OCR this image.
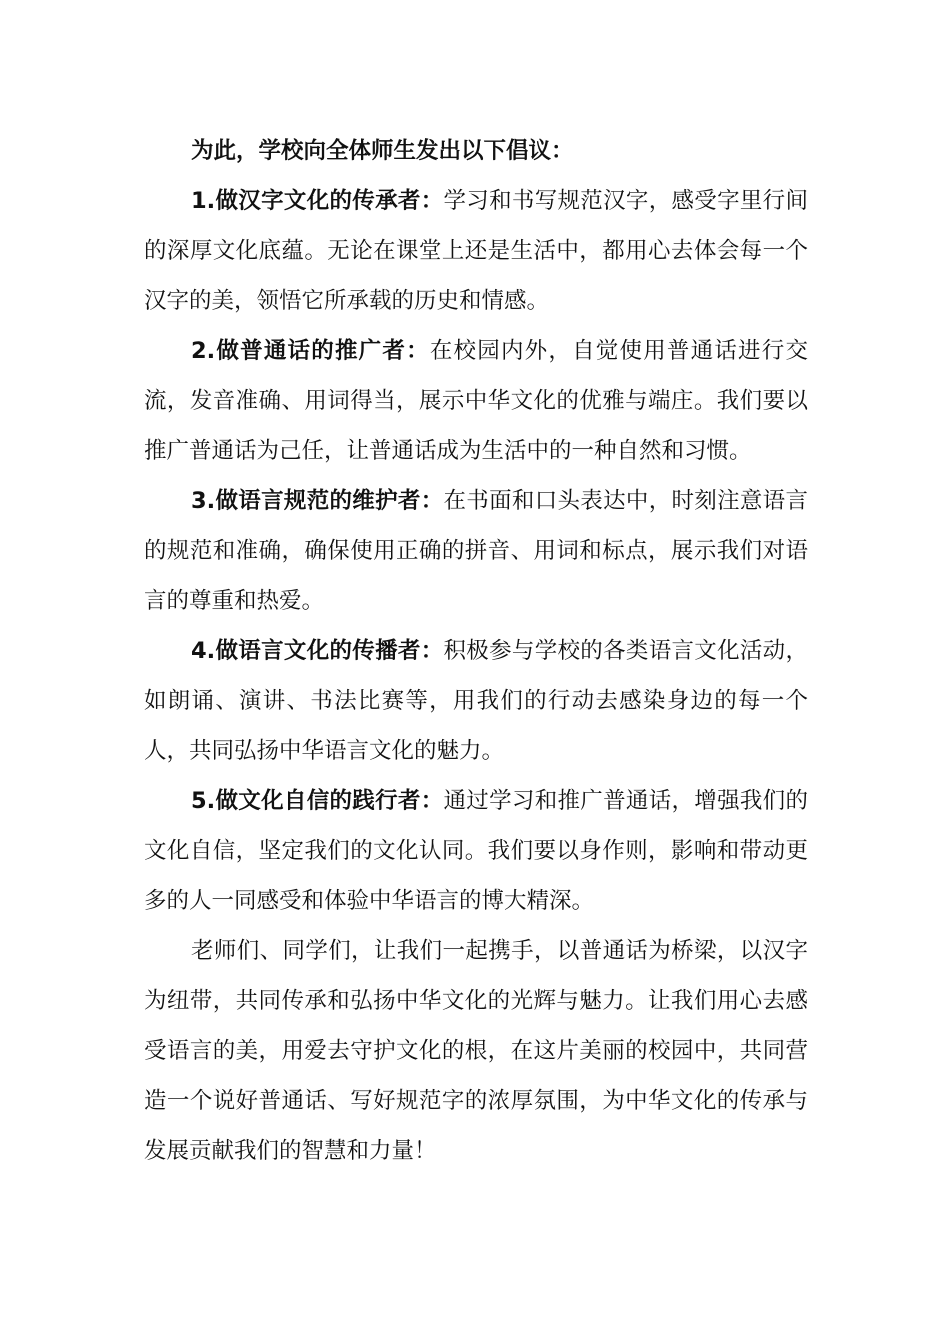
为此，学校向全体师生发出以下倡议：

1.做汉字文化的传承者：学习和书写规范汉字，感受字里行间的深厚文化底蕴。无论在课堂上还是生活中，都用心去体会每一个汉字的美，领悟它所承载的历史和情感。

2.做普通话的推广者：在校园内外，自觉使用普通话进行交流，发音准确、用词得当，展示中华文化的优雅与端庄。我们要以推广普通话为己任，让普通话成为生活中的一种自然和习惯。

3.做语言规范的维护者：在书面和口头表达中，时刻注意语言的规范和准确，确保使用正确的拼音、用词和标点，展示我们对语言的尊重和热爱。

4.做语言文化的传播者：积极参与学校的各类语言文化活动，如朗诵、演讲、书法比赛等，用我们的行动去感染身边的每一个人，共同弘扬中华语言文化的魅力。

5.做文化自信的践行者：通过学习和推广普通话，增强我们的文化自信，坚定我们的文化认同。我们要以身作则，影响和带动更多的人一同感受和体验中华语言的博大精深。

老师们、同学们，让我们一起携手，以普通话为桥梁，以汉字为纽带，共同传承和弘扬中华文化的光辉与魅力。让我们用心去感受语言的美，用爱去守护文化的根，在这片美丽的校园中，共同营造一个说好普通话、写好规范字的浓厚氛围，为中华文化的传承与发展贡献我们的智慧和力量！
